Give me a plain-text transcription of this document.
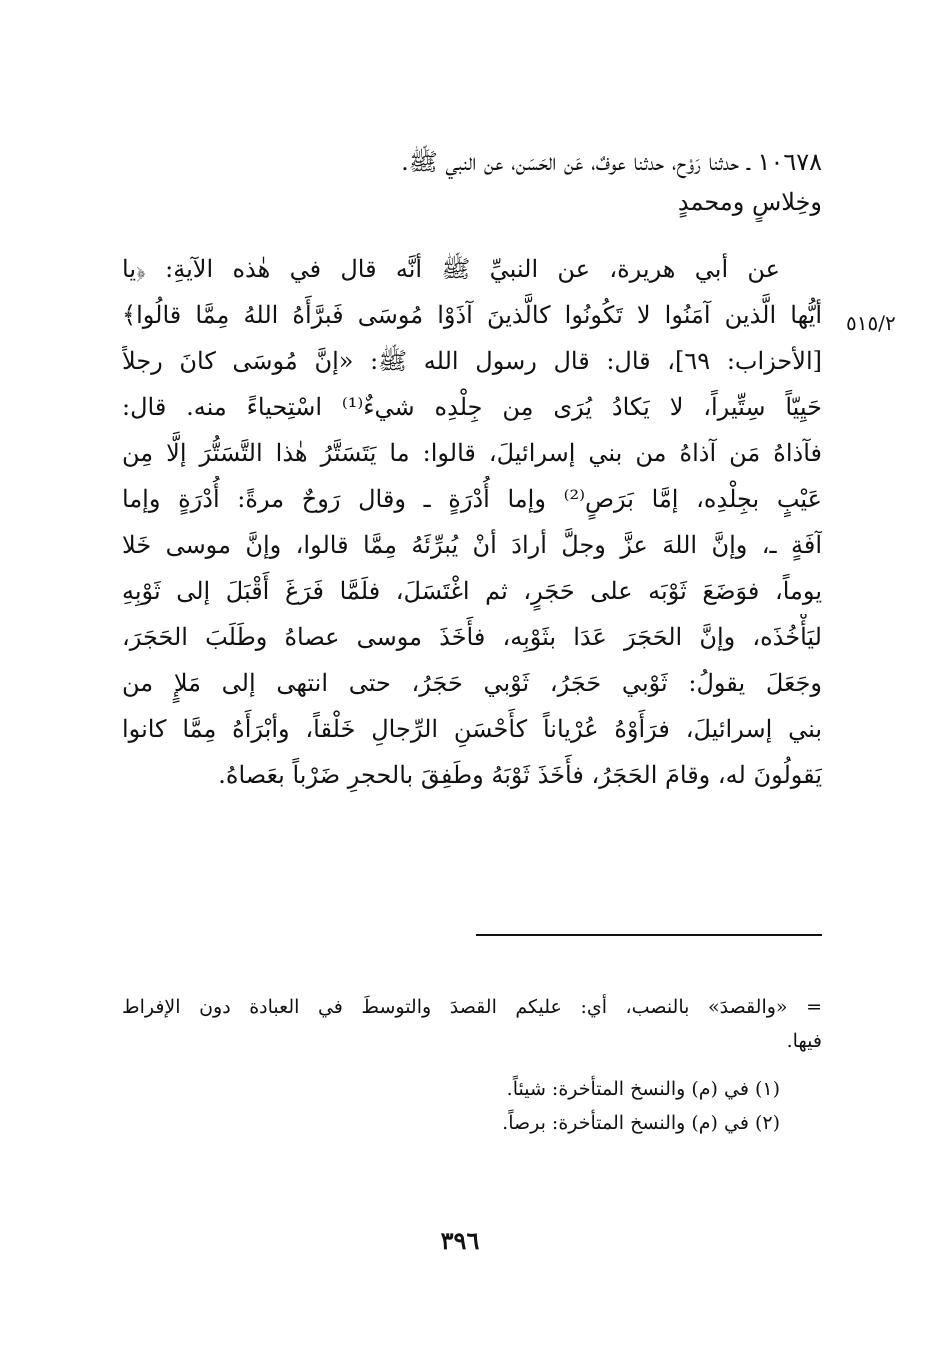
١٠٦٧٨ ـ حدثنا رَوْح، حدثنا عوفٌ، عَن الحَسَن، عن النبي ﷺ.
وخِلاسٍ ومحمدٍ
٥١٥/٢
عن أبي هريرة، عن النبيِّ ﷺ أنَّه قال في هٰذه الآيةِ: ﴿يا
أيُّها الَّذين آمَنُوا لا تَكُونُوا كالَّذينَ آذَوْا مُوسَى فَبرَّأَهُ اللهُ مِمَّا قالُوا﴾
[الأحزاب: ٦٩]، قال: قال رسول الله ﷺ: «إنَّ مُوسَى كانَ رجلاً
حَيِيّاً سِتِّيراً، لا يَكادُ يُرَى مِن جِلْدِه شيءٌ⁽¹⁾ اسْتِحياءً منه. قال:
فآذاهُ مَن آذاهُ من بني إسرائيلَ، قالوا: ما يَتَسَتَّرُ هٰذا التَّسَتُّرَ إلَّا مِن
عَيْبٍ بجِلْدِه، إمَّا بَرَصٍ⁽²⁾ وإما أُدْرَةٍ ـ وقال رَوحٌ مرةً: أُدْرَةٍ وإما
آفَةٍ ـ، وإنَّ اللهَ عزَّ وجلَّ أرادَ أنْ يُبرِّئَهُ مِمَّا قالوا، وإنَّ موسى خَلا
يوماً، فوَضَعَ ثَوْبَه على حَجَرٍ، ثم اغْتَسَلَ، فلَمَّا فَرَغَ أَقْبَلَ إلى ثَوْبِهِ
ليَأْخُذَه، وإنَّ الحَجَرَ عَدَا بثَوْبِه، فأَخَذَ موسى عصاهُ وطَلَبَ الحَجَرَ،
وجَعَلَ يقولُ: ثَوْبي حَجَرُ، ثَوْبي حَجَرُ، حتى انتهى إلى مَلإٍ من
بني إسرائيلَ، فرَأَوْهُ عُرْياناً كأَحْسَنِ الرِّجالِ خَلْقاً، وأبْرَأَهُ مِمَّا كانوا
يَقولُونَ له، وقامَ الحَجَرُ، فأَخَذَ ثَوْبَهُ وطَفِقَ بالحجرِ ضَرْباً بعَصاهُ.
= «والقصدَ» بالنصب، أي: عليكم القصدَ والتوسطَ في العبادة دون الإفراط
فيها.
(١) في (م) والنسخ المتأخرة: شيئاً.
(٢) في (م) والنسخ المتأخرة: برصاً.
٣٩٦
